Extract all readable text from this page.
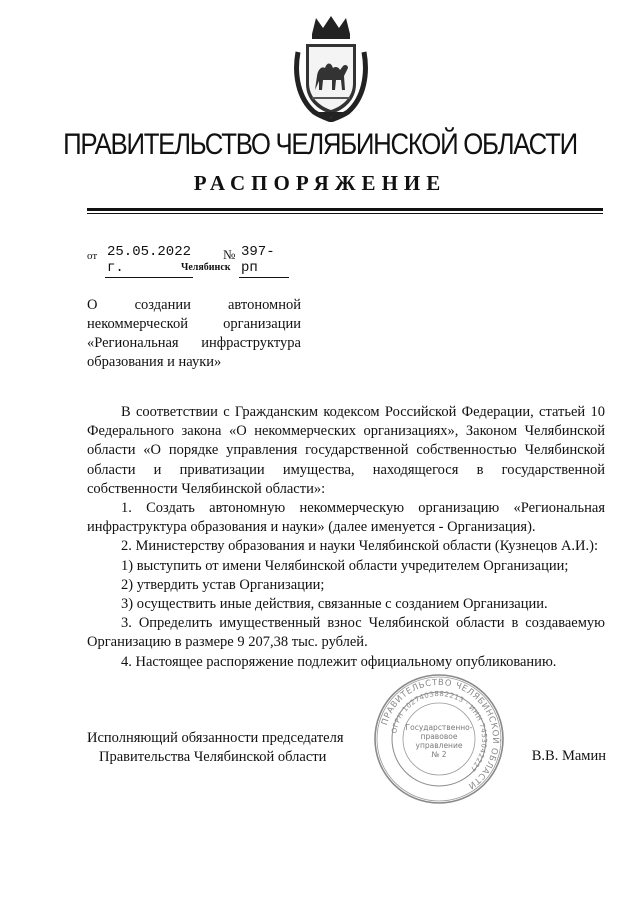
ПРАВИТЕЛЬСТВО ЧЕЛЯБИНСКОЙ ОБЛАСТИ
РАСПОРЯЖЕНИЕ
от 25.05.2022 г.
№ 397-рп
Челябинск
О создании автономной
некоммерческой организации
«Региональная инфраструктура
образования и науки»

В соответствии с Гражданским кодексом Российской Федерации, статьей 10 Федерального закона «О некоммерческих организациях», Законом Челябинской области «О порядке управления государственной собственностью Челябинской области и приватизации имущества, находящегося в государственной собственности Челябинской области»:

1. Создать автономную некоммерческую организацию «Региональная инфраструктура образования и науки» (далее именуется - Организация).

2. Министерству образования и науки Челябинской области (Кузнецов А.И.):

1) выступить от имени Челябинской области учредителем Организации;

2) утвердить устав Организации;

3) осуществить иные действия, связанные с созданием Организации.

3. Определить имущественный взнос Челябинской области в создаваемую Организацию в размере 9 207,38 тыс. рублей.

4. Настоящее распоряжение подлежит официальному опубликованию.

ПРАВИТЕЛЬСТВО ЧЕЛЯБИНСКОЙ ОБЛАСТИ
ОГРН 1027403882213 · ИНН 7453042227
Государственно-
правовое
управление
№ 2
Исполняющий обязанности председателя
Правительства Челябинской области	В.В. Мамин
